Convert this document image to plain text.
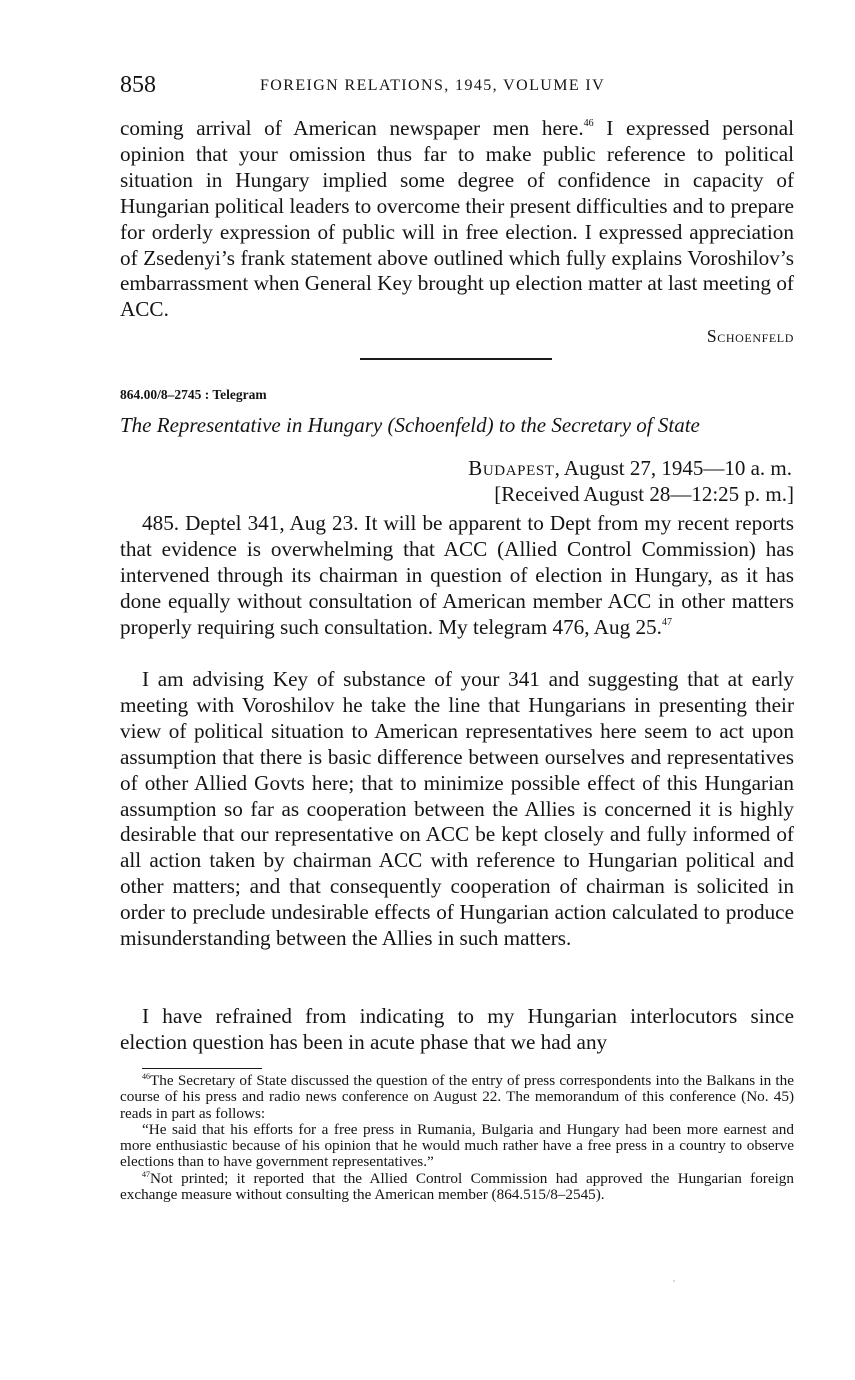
858	FOREIGN RELATIONS, 1945, VOLUME IV

coming arrival of American newspaper men here.$^{46}$ I expressed personal opinion that your omission thus far to make public reference to political situation in Hungary implied some degree of confidence in capacity of Hungarian political leaders to overcome their present difficulties and to prepare for orderly expression of public will in free election. I expressed appreciation of Zsedenyi’s frank statement above outlined which fully explains Voroshilov’s embarrassment when General Key brought up election matter at last meeting of ACC.

Schoenfeld
864.00/8–2745 : Telegram
The Representative in Hungary (Schoenfeld) to the Secretary of State
Budapest, August 27, 1945—10 a. m.
[Received August 28—12:25 p. m.]

485. Deptel 341, Aug 23. It will be apparent to Dept from my recent reports that evidence is overwhelming that ACC (Allied Control Commission) has intervened through its chairman in question of election in Hungary, as it has done equally without consultation of American member ACC in other matters properly requiring such consultation. My telegram 476, Aug 25.47

I am advising Key of substance of your 341 and suggesting that at early meeting with Voroshilov he take the line that Hungarians in presenting their view of political situation to American representatives here seem to act upon assumption that there is basic difference between ourselves and representatives of other Allied Govts here; that to minimize possible effect of this Hungarian assumption so far as cooperation between the Allies is concerned it is highly desirable that our representative on ACC be kept closely and fully informed of all action taken by chairman ACC with reference to Hungarian political and other matters; and that consequently cooperation of chairman is solicited in order to preclude undesirable effects of Hungarian action calculated to produce misunderstanding between the Allies in such matters.

I have refrained from indicating to my Hungarian interlocutors since election question has been in acute phase that we had any

$^{46}$The Secretary of State discussed the question of the entry of press correspondents into the Balkans in the course of his press and radio news conference on August 22. The memorandum of this conference (No. 45) reads in part as follows:

“He said that his efforts for a free press in Rumania, Bulgaria and Hungary had been more earnest and more enthusiastic because of his opinion that he would much rather have a free press in a country to observe elections than to have government representatives.”

$^{47}$Not printed; it reported that the Allied Control Commission had approved the Hungarian foreign exchange measure without consulting the American member (864.515/8–2545).
